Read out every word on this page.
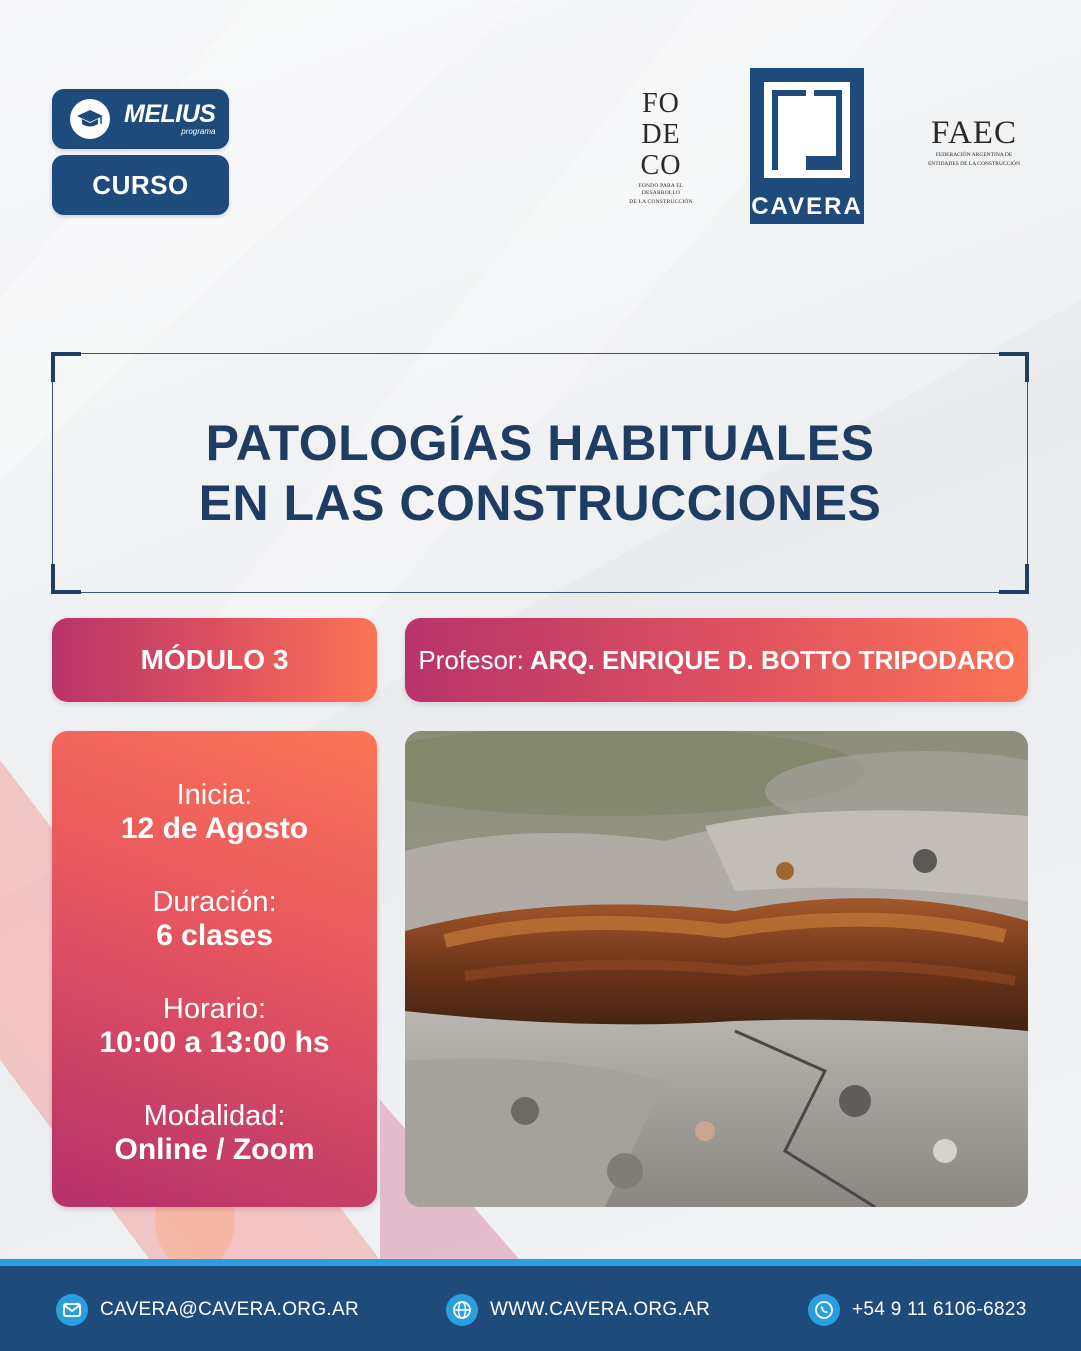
MELIUS
programa
CURSO
FO
DE
CO
FONDO PARA EL DESARROLLO
DE LA CONSTRUCCIÓN	CAVERA
FAEC
FEDERACIÓN ARGENTINA DE
ENTIDADES DE LA CONSTRUCCIÓN
PATOLOGÍAS HABITUALES
EN LAS CONSTRUCCIONES
MÓDULO 3	Profesor: ARQ. ENRIQUE D. BOTTO TRIPODARO
Inicia:
12 de Agosto
Duración:
6 clases
Horario:
10:00 a 13:00 hs
Modalidad:
Online / Zoom
CAVERA@CAVERA.ORG.AR	WWW.CAVERA.ORG.AR	+54 9 11 6106-6823
